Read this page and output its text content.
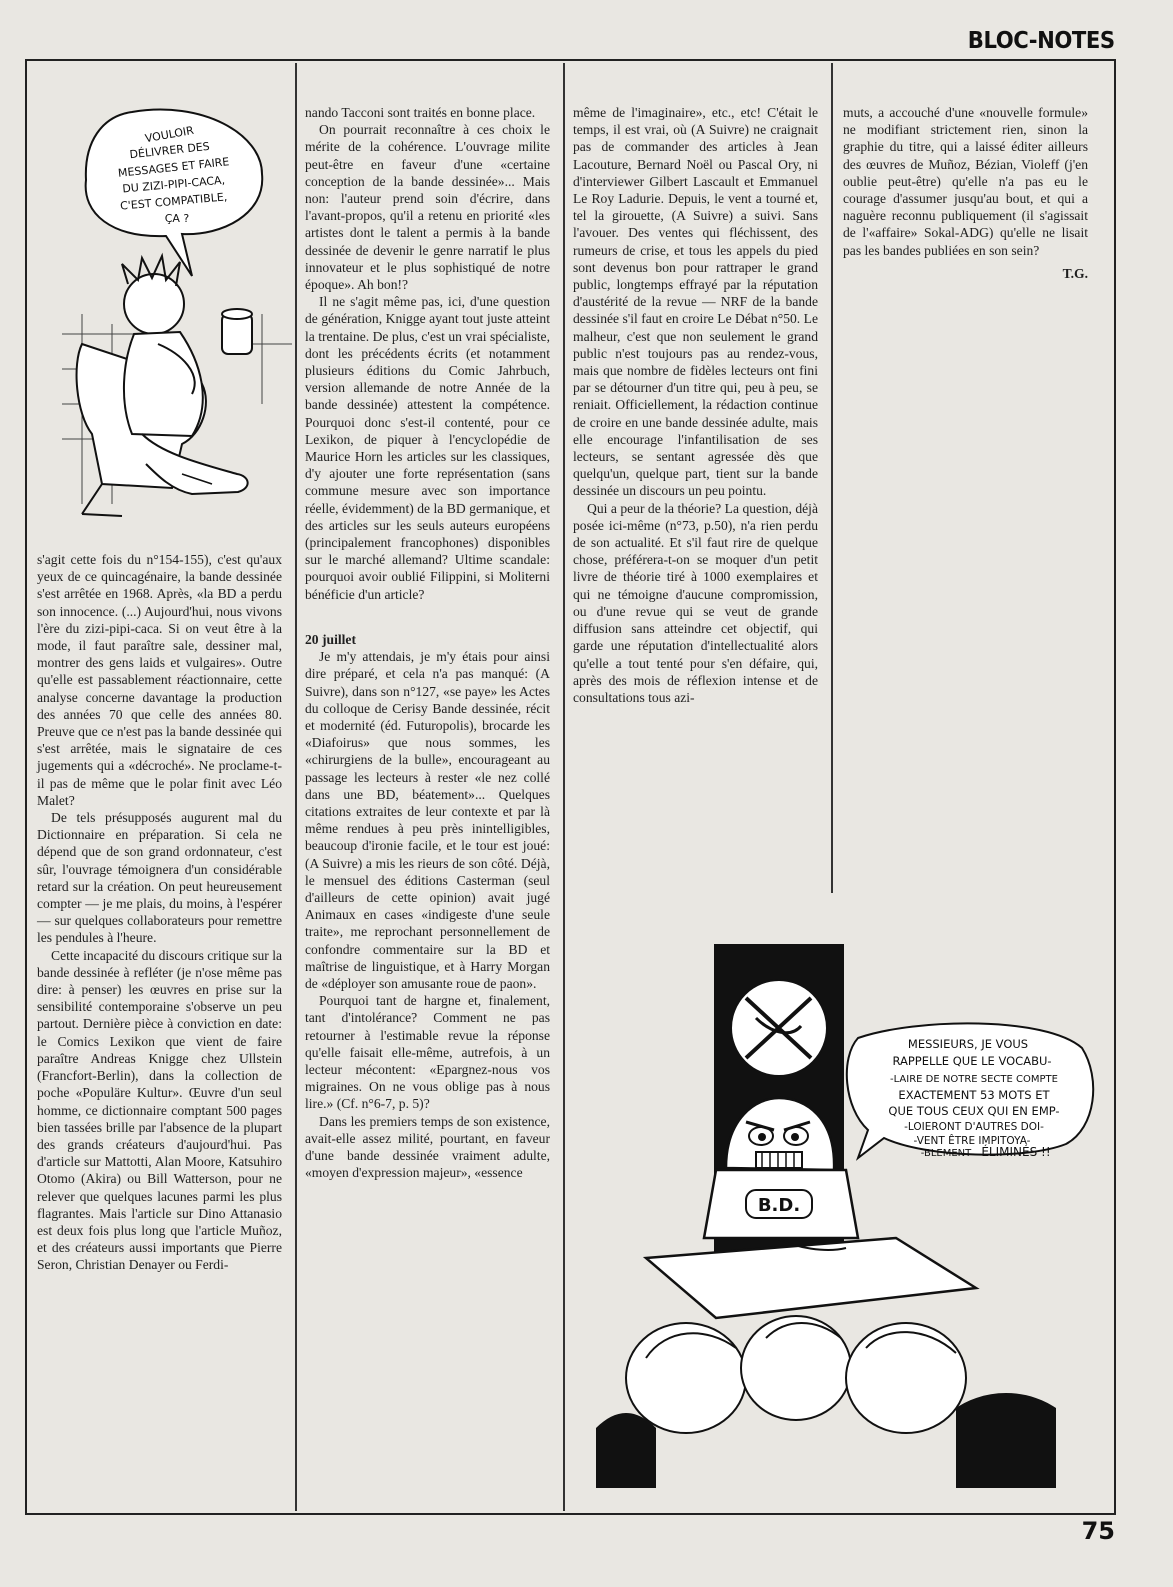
BLOC-NOTES
VOULOIR
DÉLIVRER DES
MESSAGES ET FAIRE
DU ZIZI-PIPI-CACA,
C'EST COMPATIBLE,
ÇA ?

s'agit cette fois du n°154-155), c'est qu'aux yeux de ce quincagénaire, la bande dessinée s'est arrêtée en 1968. Après, «la BD a perdu son innocence. (...) Aujourd'hui, nous vivons l'ère du zizi-pipi-caca. Si on veut être à la mode, il faut paraître sale, dessiner mal, montrer des gens laids et vulgaires». Outre qu'elle est passablement réactionnaire, cette analyse concerne davantage la production des années 70 que celle des années 80. Preuve que ce n'est pas la bande dessinée qui s'est arrêtée, mais le signataire de ces jugements qui a «décroché». Ne proclame-t-il pas de même que le polar finit avec Léo Malet?

De tels présupposés augurent mal du Dictionnaire en préparation. Si cela ne dépend que de son grand ordonnateur, c'est sûr, l'ouvrage témoignera d'un considérable retard sur la création. On peut heureusement compter — je me plais, du moins, à l'espérer — sur quelques collaborateurs pour remettre les pendules à l'heure.

Cette incapacité du discours critique sur la bande dessinée à refléter (je n'ose même pas dire: à penser) les œuvres en prise sur la sensibilité contemporaine s'observe un peu partout. Dernière pièce à conviction en date: le Comics Lexikon que vient de faire paraître Andreas Knigge chez Ullstein (Francfort-Berlin), dans la collection de poche «Populäre Kultur». Œuvre d'un seul homme, ce dictionnaire comptant 500 pages bien tassées brille par l'absence de la plupart des grands créateurs d'aujourd'hui. Pas d'article sur Mattotti, Alan Moore, Katsuhiro Otomo (Akira) ou Bill Watterson, pour ne relever que quelques lacunes parmi les plus flagrantes. Mais l'article sur Dino Attanasio est deux fois plus long que l'article Muñoz, et des créateurs aussi importants que Pierre Seron, Christian Denayer ou Ferdi-

nando Tacconi sont traités en bonne place.

On pourrait reconnaître à ces choix le mérite de la cohérence. L'ouvrage milite peut-être en faveur d'une «certaine conception de la bande dessinée»... Mais non: l'auteur prend soin d'écrire, dans l'avant-propos, qu'il a retenu en priorité «les artistes dont le talent a permis à la bande dessinée de devenir le genre narratif le plus innovateur et le plus sophistiqué de notre époque». Ah bon!?

Il ne s'agit même pas, ici, d'une question de génération, Knigge ayant tout juste atteint la trentaine. De plus, c'est un vrai spécialiste, dont les précédents écrits (et notamment plusieurs éditions du Comic Jahrbuch, version allemande de notre Année de la bande dessinée) attestent la compétence. Pourquoi donc s'est-il contenté, pour ce Lexikon, de piquer à l'encyclopédie de Maurice Horn les articles sur les classiques, d'y ajouter une forte représentation (sans commune mesure avec son importance réelle, évidemment) de la BD germanique, et des articles sur les seuls auteurs européens (principalement francophones) disponibles sur le marché allemand? Ultime scandale: pourquoi avoir oublié Filippini, si Moliterni bénéficie d'un article?

20 juillet

Je m'y attendais, je m'y étais pour ainsi dire préparé, et cela n'a pas manqué: (A Suivre), dans son n°127, «se paye» les Actes du colloque de Cerisy Bande dessinée, récit et modernité (éd. Futuropolis), brocarde les «Diafoirus» que nous sommes, les «chirurgiens de la bulle», encourageant au passage les lecteurs à rester «le nez collé dans une BD, béatement»... Quelques citations extraites de leur contexte et par là même rendues à peu près inintelligibles, beaucoup d'ironie facile, et le tour est joué: (A Suivre) a mis les rieurs de son côté. Déjà, le mensuel des éditions Casterman (seul d'ailleurs de cette opinion) avait jugé Animaux en cases «indigeste d'une seule traite», me reprochant personnellement de confondre commentaire sur la BD et maîtrise de linguistique, et à Harry Morgan de «déployer son amusante roue de paon».

Pourquoi tant de hargne et, finalement, tant d'intolérance? Comment ne pas retourner à l'estimable revue la réponse qu'elle faisait elle-même, autrefois, à un lecteur mécontent: «Epargnez-nous vos migraines. On ne vous oblige pas à nous lire.» (Cf. n°6-7, p. 5)?

Dans les premiers temps de son existence, avait-elle assez milité, pourtant, en faveur d'une bande dessinée vraiment adulte, «moyen d'expression majeur», «essence

même de l'imaginaire», etc., etc! C'était le temps, il est vrai, où (A Suivre) ne craignait pas de commander des articles à Jean Lacouture, Bernard Noël ou Pascal Ory, ni d'interviewer Gilbert Lascault et Emmanuel Le Roy Ladurie. Depuis, le vent a tourné et, tel la girouette, (A Suivre) a suivi. Sans l'avouer. Des ventes qui fléchissent, des rumeurs de crise, et tous les appels du pied sont devenus bon pour rattraper le grand public, longtemps effrayé par la réputation d'austérité de la revue — NRF de la bande dessinée s'il faut en croire Le Débat n°50. Le malheur, c'est que non seulement le grand public n'est toujours pas au rendez-vous, mais que nombre de fidèles lecteurs ont fini par se détourner d'un titre qui, peu à peu, se reniait. Officiellement, la rédaction continue de croire en une bande dessinée adulte, mais elle encourage l'infantilisation de ses lecteurs, se sentant agressée dès que quelqu'un, quelque part, tient sur la bande dessinée un discours un peu pointu.

Qui a peur de la théorie? La question, déjà posée ici-même (n°73, p.50), n'a rien perdu de son actualité. Et s'il faut rire de quelque chose, préférera-t-on se moquer d'un petit livre de théorie tiré à 1000 exemplaires et qui ne témoigne d'aucune compromission, ou d'une revue qui se veut de grande diffusion sans atteindre cet objectif, qui garde une réputation d'intellectualité alors qu'elle a tout tenté pour s'en défaire, qui, après des mois de réflexion intense et de consultations tous azi-

muts, a accouché d'une «nouvelle formule» ne modifiant strictement rien, sinon la graphie du titre, qui a laissé éditer ailleurs des œuvres de Muñoz, Bézian, Violeff (j'en oublie peut-être) qu'elle n'a pas eu le courage d'assumer jusqu'au bout, et qui a naguère reconnu publiquement (il s'agissait de l'«affaire» Sokal-ADG) qu'elle ne lisait pas les bandes publiées en son sein?

T.G.

B.D.
MESSIEURS, JE VOUS
RAPPELLE QUE LE VOCABU-
-LAIRE DE NOTRE SECTE COMPTE
EXACTEMENT 53 MOTS ET
QUE TOUS CEUX QUI EN EMP-
-LOIERONT D'AUTRES DOI-
-VENT ÊTRE IMPITOYA-
-BLEMENT ÉLIMINÉS !!
75
